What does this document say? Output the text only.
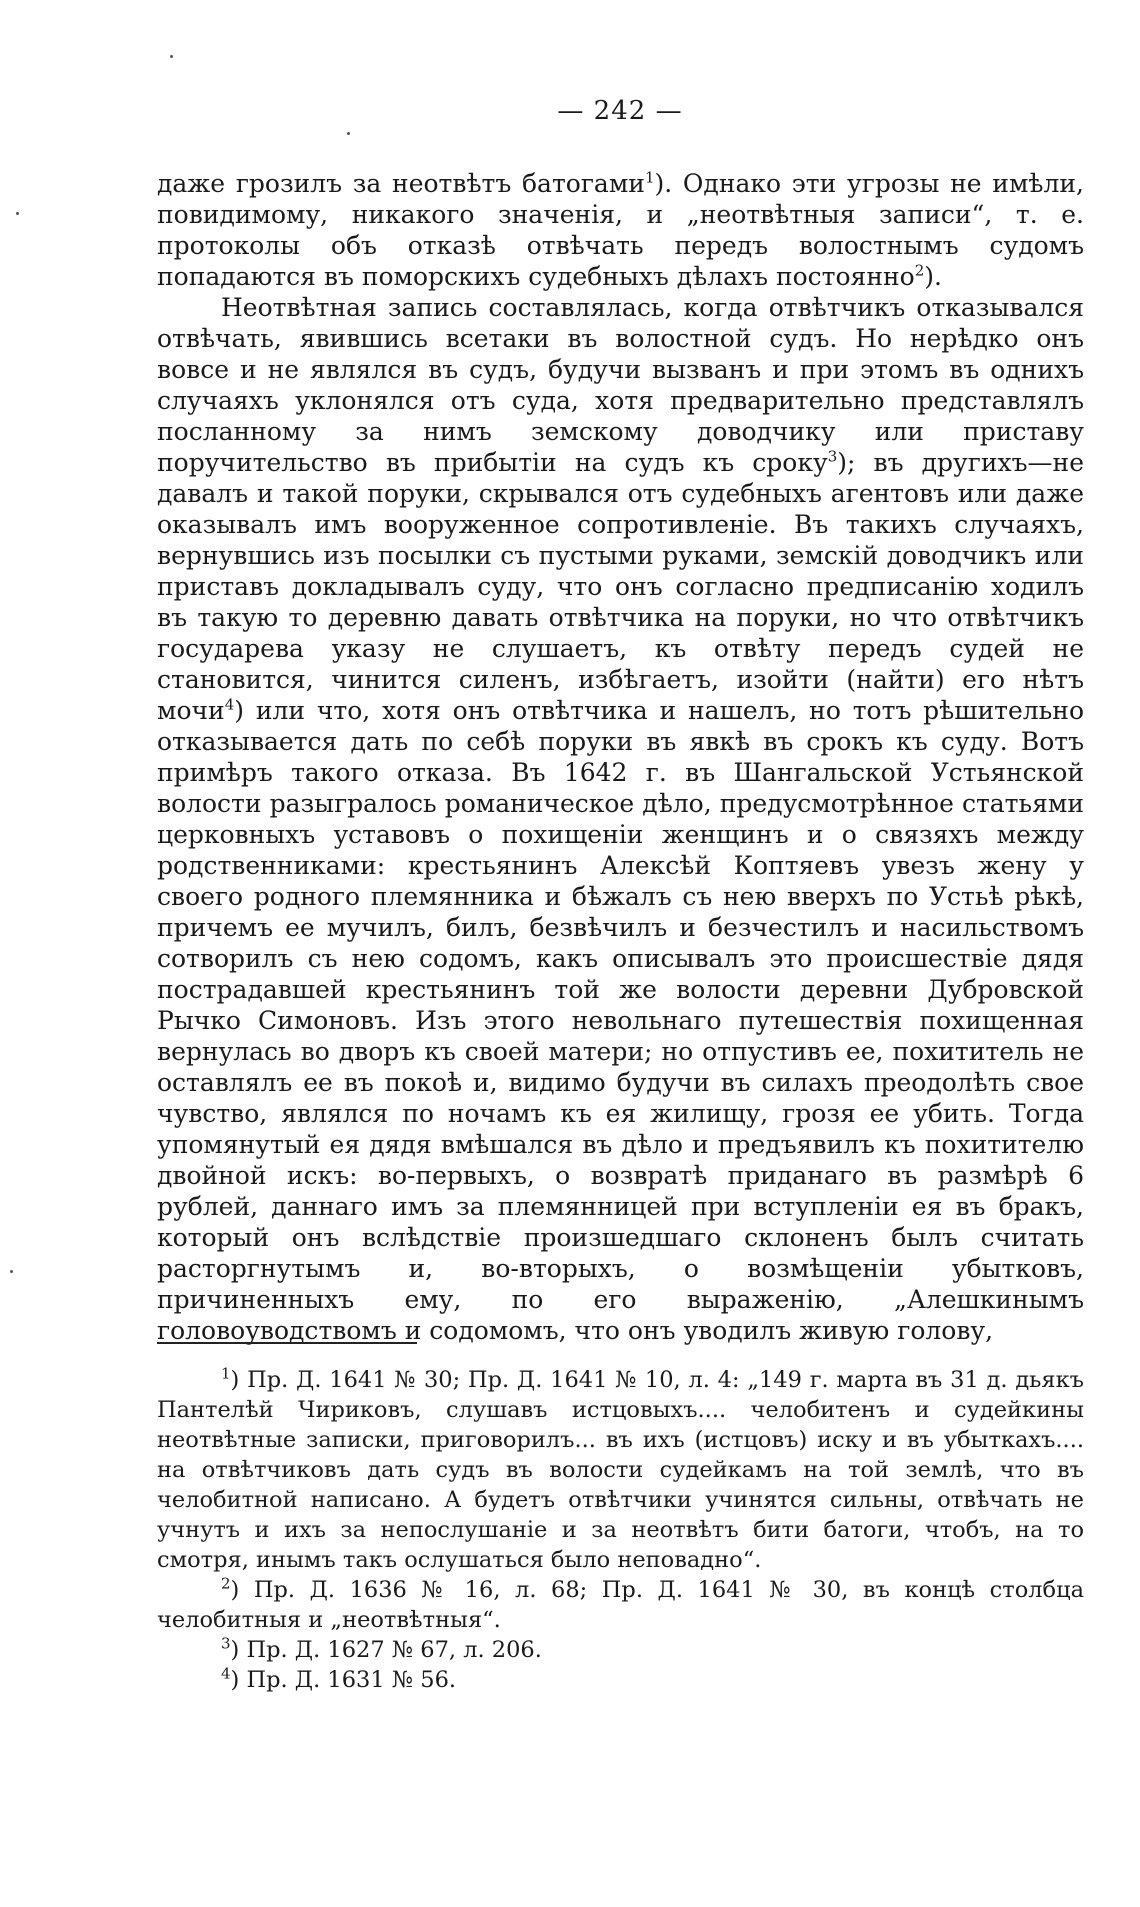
— 242 —

даже грозилъ за неотвѣтъ батогами$^1$). Однако эти угрозы не имѣли, повидимому, никакого значенія, и „неотвѣтныя записи“, т. е. протоколы объ отказѣ отвѣчать передъ волостнымъ судомъ попадаются въ поморскихъ судебныхъ дѣлахъ постоянно$^2$).

Неотвѣтная запись составлялась, когда отвѣтчикъ отказывался отвѣчать, явившись всетаки въ волостной судъ. Но нерѣдко онъ вовсе и не являлся въ судъ, будучи вызванъ и при этомъ въ однихъ случаяхъ уклонялся отъ суда, хотя предварительно представлялъ посланному за нимъ земскому доводчику или приставу поручительство въ прибытіи на судъ къ сроку$^3$); въ другихъ—не давалъ и такой поруки, скрывался отъ судебныхъ агентовъ или даже оказывалъ имъ вооруженное сопротивленіе. Въ такихъ случаяхъ, вернувшись изъ посылки съ пустыми руками, земскій доводчикъ или приставъ докладывалъ суду, что онъ согласно предписанію ходилъ въ такую то деревню давать отвѣтчика на поруки, но что отвѣтчикъ государева указу не слушаетъ, къ отвѣту передъ судей не становится, чинится силенъ, избѣгаетъ, изойти (найти) его нѣтъ мочи$^4$) или что, хотя онъ отвѣтчика и нашелъ, но тотъ рѣшительно отказывается дать по себѣ поруки въ явкѣ въ срокъ къ суду. Вотъ примѣръ такого отказа. Въ 1642 г. въ Шангальской Устьянской волости разыгралось романическое дѣло, предусмотрѣнное статьями церковныхъ уставовъ о похищеніи женщинъ и о связяхъ между родственниками: крестьянинъ Алексѣй Коптяевъ увезъ жену у своего родного племянника и бѣжалъ съ нею вверхъ по Устьѣ рѣкѣ, причемъ ее мучилъ, билъ, безвѣчилъ и безчестилъ и насильствомъ сотворилъ съ нею содомъ, какъ описывалъ это происшествіе дядя пострадавшей крестьянинъ той же волости деревни Дубровской Рычко Симоновъ. Изъ этого невольнаго путешествія похищенная вернулась во дворъ къ своей матери; но отпустивъ ее, похититель не оставлялъ ее въ покоѣ и, видимо будучи въ силахъ преодолѣть свое чувство, являлся по ночамъ къ ея жилищу, грозя ее убить. Тогда упомянутый ея дядя вмѣшался въ дѣло и предъявилъ къ похитителю двойной искъ: во-первыхъ, о возвратѣ приданаго въ размѣрѣ 6 рублей, даннаго имъ за племянницей при вступленіи ея въ бракъ, который онъ вслѣдствіе произшедшаго склоненъ былъ считать расторгнутымъ и, во-вторыхъ, о возмѣщеніи убытковъ, причиненныхъ ему, по его выраженію, „Алешкинымъ головоуводствомъ и содомомъ, что онъ уводилъ живую голову,

$^1$) Пр. Д. 1641 № 30; Пр. Д. 1641 № 10, л. 4: „149 г. марта въ 31 д. дьякъ Пантелѣй Чириковъ, слушавъ истцовыхъ.... челобитенъ и судейкины неотвѣтные записки, приговорилъ... въ ихъ (истцовъ) иску и въ убыткахъ.... на отвѣтчиковъ дать судъ въ волости судейкамъ на той землѣ, что въ челобитной написано. А будетъ отвѣтчики учинятся сильны, отвѣчать не учнутъ и ихъ за непослушаніе и за неотвѣтъ бити батоги, чтобъ, на то смотря, инымъ такъ ослушаться было неповадно“.

$^2$) Пр. Д. 1636 № 16, л. 68; Пр. Д. 1641 № 30, въ концѣ столбца челобитныя и „неотвѣтныя“.

$^3$) Пр. Д. 1627 № 67, л. 206.

$^4$) Пр. Д. 1631 № 56.
